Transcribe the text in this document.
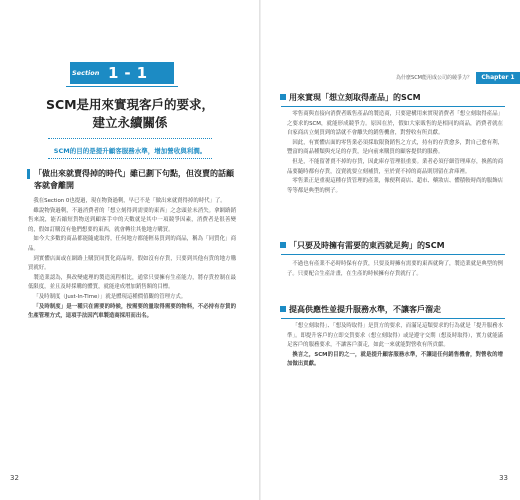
Section 1-1
SCM是用來實現客戶的要求，
建立永續關係

SCM的目的是提升顧客服務水準，增加營收與利潤。

「做出來就賣得掉的時代」雖已劃下句點，但沒賣的話顧客就會離開

我在Section 0也提過，現在物資過剩，早已不是「做出來就賣得掉的時代」了。

雖說物資過剩，不過消費者的「想立刻得到需要的東西」之念頭並未消失。拿網路銷售來說，能否縮短貨物送到顧客手中的天數就是其中一項競爭因素，消費者是很善變的，假如訂購沒有他們想要的東西，就會轉往其他地方購買。

如今大多數的商品都能隨處取得，任何地方都能輕易買到的商品，稱為「同質化」商品。

到實體店面或在網路上購買同質化商品時，假如沒有存貨，只要到其他有貨的地方購買就好。

製造業認為，與改變處理的製造流程相比，通常只要擁有生產能力，將存貨控制在最低限度，並且及時採購的體質，就能達成增加銷售額的目標。

「及時制度（Just-In-Time）」就是體現這種價值觀的管理方式。

「及時制度」是一種只在需要的時候，按需要的量取得需要的物料，不必持有存貨的生產管理方式，這項手法因汽車製造商採用而出名。

32
為什麼SCM能用成公司的競爭力？	Chapter 1
用來實現「想立刻取得產品」的SCM

零售商與直接向消費者販售產品的製造商，只要建構用來實現消費者「想立刻取得產品」之要求的SCM，就能形成競爭力。原因在於，假如大家販售的是相同的商品，消費者就在自家商店立刻買到的話就不會離失的銷售機會，對營收有所貢獻。

因此，有實體店面的零售業必須採取限資銷售之方式，持有的存貨愈多，對自己愈有利，豐富的商品種類與充足的存貨，是向前來購買的顧客提供的服務。

但是，不能留著賣不掉的存貨，因此庫存管理很重要。業者必須仔細管理庫存，換舊的商品要隨時都有存貨，沒賣就要立刻補貨，至於賣不掉的商品則別留在倉庫裡。

零售業正是重視這種存貨管理的產業，像便利商店、超市、藥妝店、體積較時尚的服飾店等等都是典型的例子。

「只要及時擁有需要的東西就足夠」的SCM

不過也有產業不必時時保有存貨，只要及時擁有需要的東西就夠了，製造業就是典型的例子。只要配合生產計畫，在生產的時候擁有存貨就行了。

提高供應性並提升服務水準，不讓客戶溜走

「想立刻取得」、「想及時取得」是買方的要求，而滿足這類要求的行為就是「提升服務水準」。即提升客戶的立即交貨要求（想立刻取得）或是遵守交期（想及時取得），實力就能滿足客戶的服務要求，不讓客戶溜走，如此一來就能對營收有所貢獻。

換言之，SCM的目的之一，就是提升顧客服務水準，不讓這任何銷售機會，對營收的增加做出貢獻。

33
